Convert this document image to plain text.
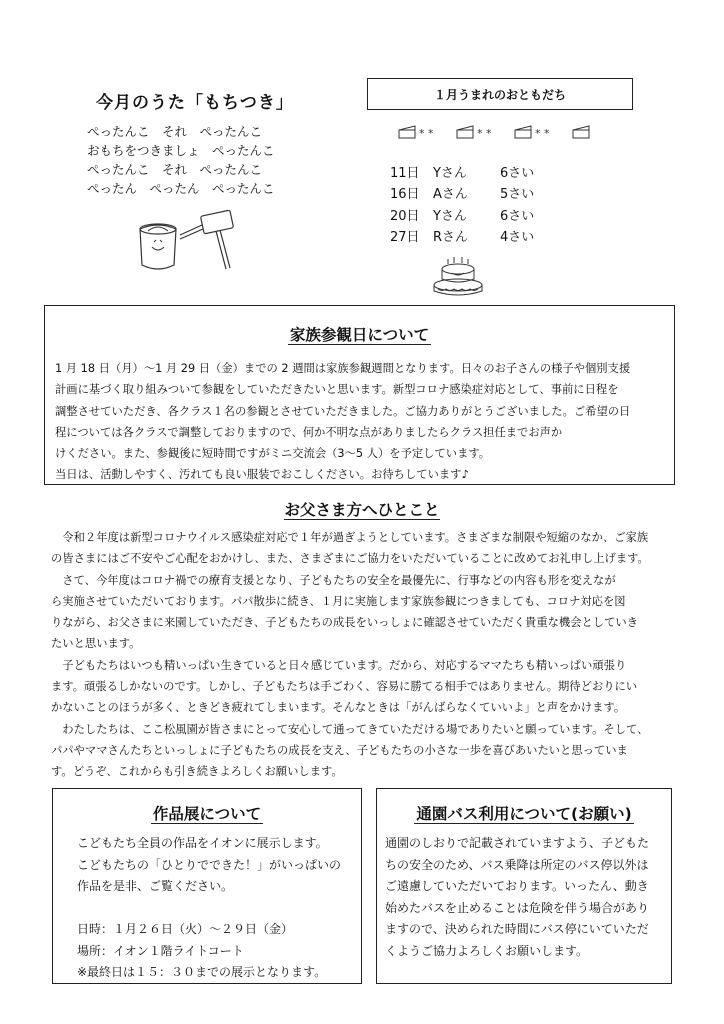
今月のうた「もちつき」
ぺったんこ　それ　ぺったんこ
おもちをつきましょ　ぺったんこ
ぺったんこ　それ　ぺったんこ
ぺったん　ぺったん　ぺったんこ
１月うまれのおともだち
* *	* *	* *
11日	Yさん	6さい
16日	Aさん	5さい
20日	Yさん	6さい
27日	Rさん	4さい
家族参観日について
1 月 18 日（月）～1 月 29 日（金）までの 2 週間は家族参観週間となります。日々のお子さんの様子や個別支援
計画に基づく取り組みついて参観をしていただきたいと思います。新型コロナ感染症対応として、事前に日程を
調整させていただき、各クラス１名の参観とさせていただきました。ご協力ありがとうございました。ご希望の日
程については各クラスで調整しておりますので、何か不明な点がありましたらクラス担任までお声か
けください。また、参観後に短時間ですがミニ交流会（3～5 人）を予定しています。
当日は、活動しやすく、汚れても良い服装でおこしください。お待ちしています♪
お父さま方へひとこと
　令和２年度は新型コロナウイルス感染症対応で１年が過ぎようとしています。さまざまな制限や短縮のなか、ご家族
の皆さまにはご不安やご心配をおかけし、また、さまざまにご協力をいただいていることに改めてお礼申し上げます。
　さて、今年度はコロナ禍での療育支援となり、子どもたちの安全を最優先に、行事などの内容も形を変えなが
ら実施させていただいております。パパ散歩に続き、１月に実施します家族参観につきましても、コロナ対応を図
りながら、お父さまに来園していただき、子どもたちの成長をいっしょに確認させていただく貴重な機会としていき
たいと思います。
　子どもたちはいつも精いっぱい生きていると日々感じています。だから、対応するママたちも精いっぱい頑張り
ます。頑張るしかないのです。しかし、子どもたちは手ごわく、容易に勝てる相手ではありません。期待どおりにい
かないことのほうが多く、ときどき疲れてしまいます。そんなときは「がんばらなくていいよ」と声をかけます。
　わたしたちは、ここ松風園が皆さまにとって安心して通ってきていただける場でありたいと願っています。そして、
パパやママさんたちといっしょに子どもたちの成長を支え、子どもたちの小さな一歩を喜びあいたいと思っていま
す。どうぞ、これからも引き続きよろしくお願いします。
作品展について
こどもたち全員の作品をイオンに展示します。
こどもたちの「ひとりでできた！」がいっぱいの
作品を是非、ご覧ください。
日時：１月２６日（火）～２９日（金）
場所：イオン１階ライトコート
※最終日は１５：３０までの展示となります。
通園バス利用について(お願い)
通園のしおりで記載されていますよう、子どもた
ちの安全のため、バス乗降は所定のバス停以外は
ご遠慮していただいております。いったん、動き
始めたバスを止めることは危険を伴う場合があり
ますので、決められた時間にバス停にいていただ
くようご協力よろしくお願いします。
